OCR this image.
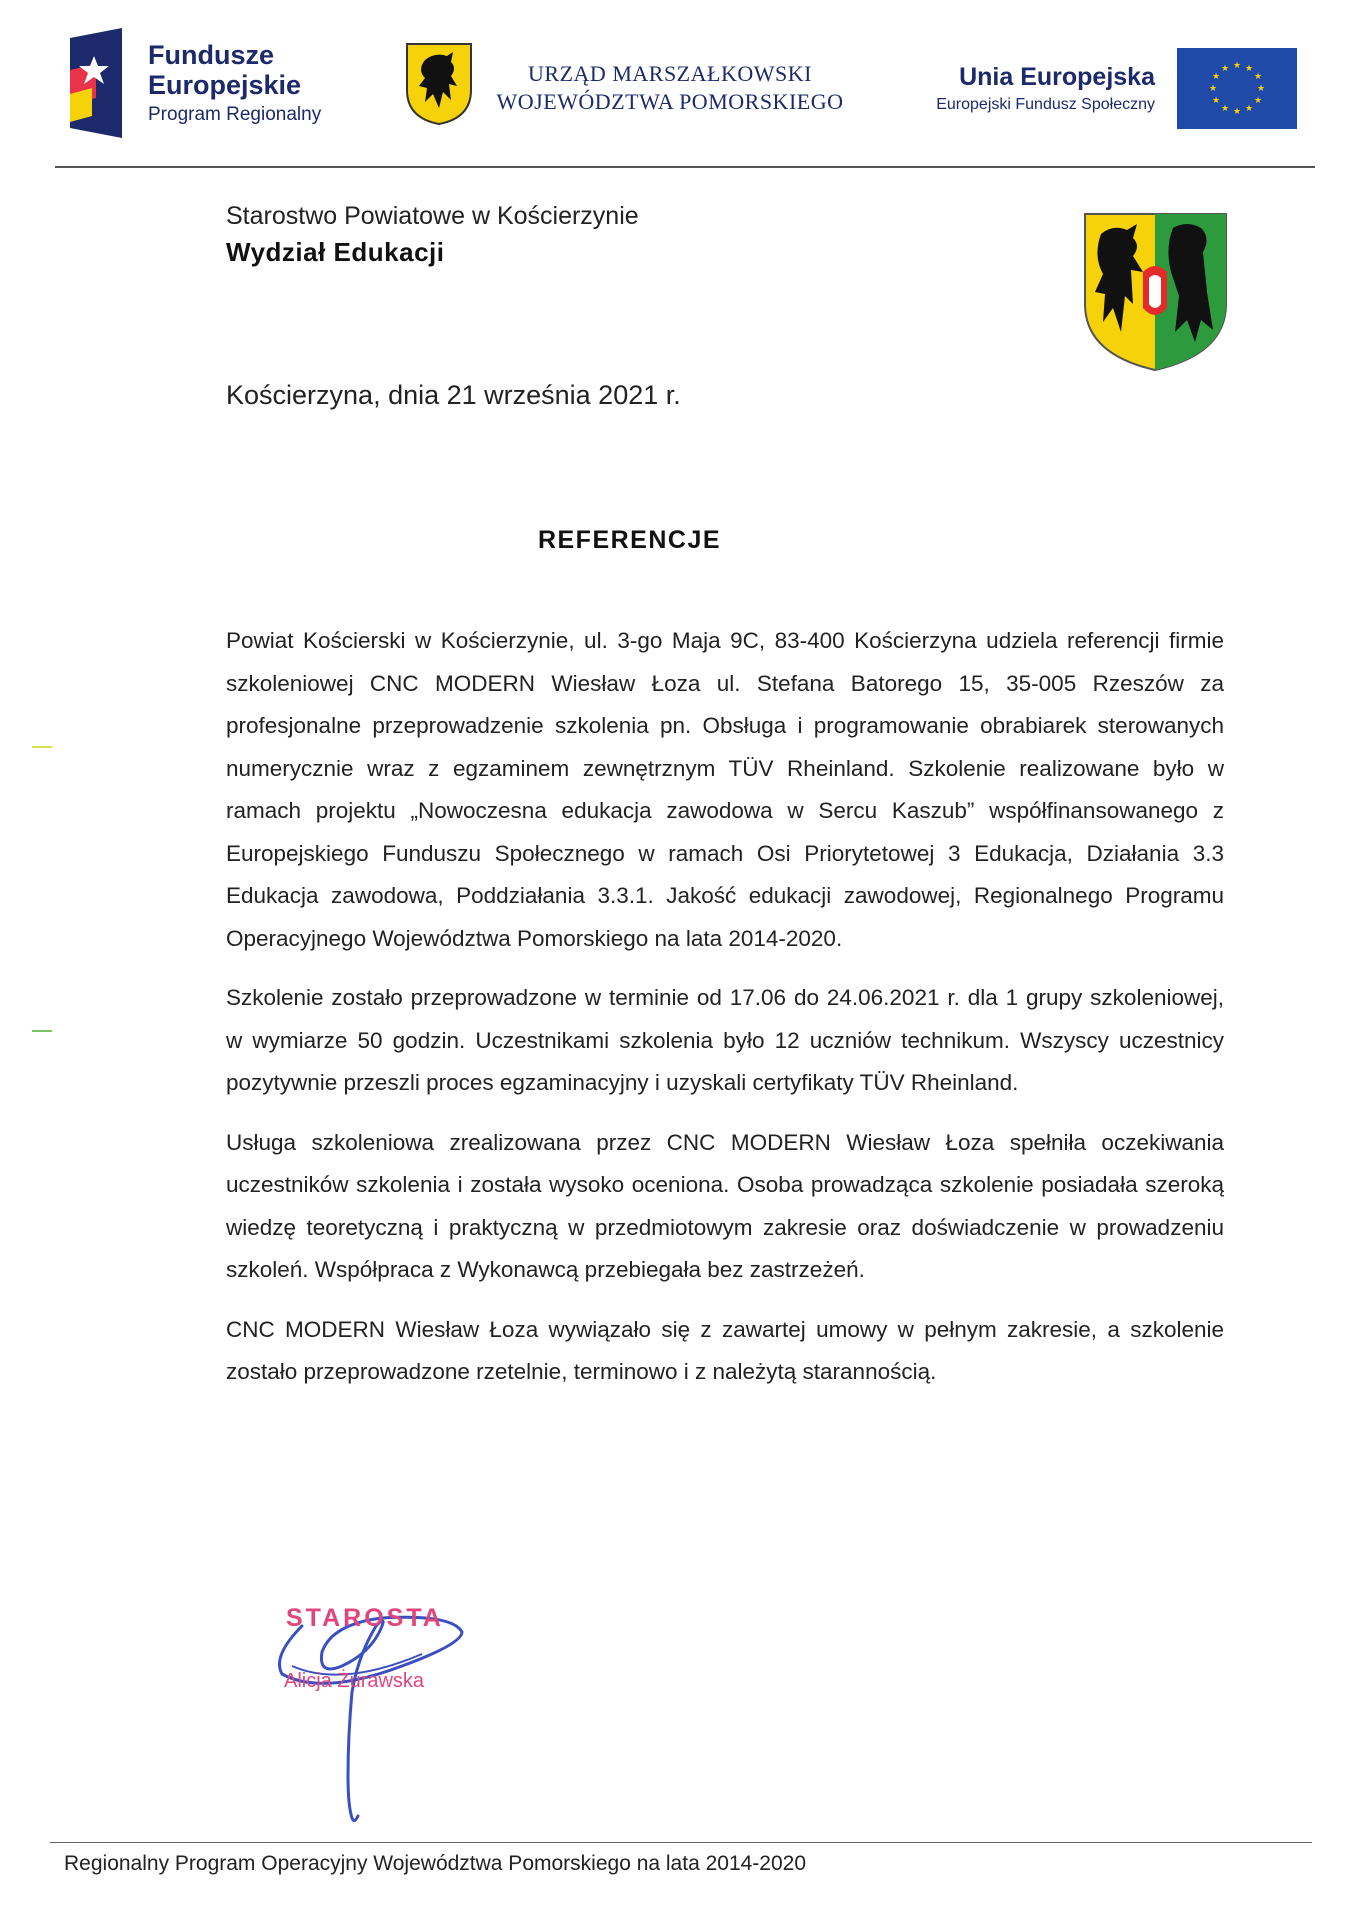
Fundusze
Europejskie
Program Regionalny
URZĄD MARSZAŁKOWSKI
WOJEWÓDZTWA POMORSKIEGO
Unia Europejska
Europejski Fundusz Społeczny
★ ★
★
★
★
★
★
★
★
★
★
★
Starostwo Powiatowe w Kościerzynie
Wydział Edukacji
Kościerzyna, dnia 21 września 2021 r.
REFERENCJE

Powiat Kościerski w Kościerzynie, ul. 3-go Maja 9C, 83-400 Kościerzyna udziela referencji firmie szkoleniowej CNC MODERN Wiesław Łoza ul. Stefana Batorego 15, 35-005 Rzeszów za profesjonalne przeprowadzenie szkolenia pn. Obsługa i programowanie obrabiarek sterowanych numerycznie wraz z egzaminem zewnętrznym TÜV Rheinland. Szkolenie realizowane było w ramach projektu „Nowoczesna edukacja zawodowa w Sercu Kaszub” współfinansowanego z Europejskiego Funduszu Społecznego w ramach Osi Priorytetowej 3 Edukacja, Działania 3.3 Edukacja zawodowa, Poddziałania 3.3.1. Jakość edukacji zawodowej, Regionalnego Programu Operacyjnego Województwa Pomorskiego na lata 2014-2020.

Szkolenie zostało przeprowadzone w terminie od 17.06 do 24.06.2021 r. dla 1 grupy szkoleniowej, w wymiarze 50 godzin. Uczestnikami szkolenia było 12 uczniów technikum. Wszyscy uczestnicy pozytywnie przeszli proces egzaminacyjny i uzyskali certyfikaty TÜV Rheinland.

Usługa szkoleniowa zrealizowana przez CNC MODERN Wiesław Łoza spełniła oczekiwania uczestników szkolenia i została wysoko oceniona. Osoba prowadząca szkolenie posiadała szeroką wiedzę teoretyczną i praktyczną w przedmiotowym zakresie oraz doświadczenie w prowadzeniu szkoleń. Współpraca z Wykonawcą przebiegała bez zastrzeżeń.

CNC MODERN Wiesław Łoza wywiązało się z zawartej umowy w pełnym zakresie, a szkolenie zostało przeprowadzone rzetelnie, terminowo i z należytą starannością.

STAROSTA
Alicja Żurawska
Regionalny Program Operacyjny Województwa Pomorskiego na lata 2014-2020
